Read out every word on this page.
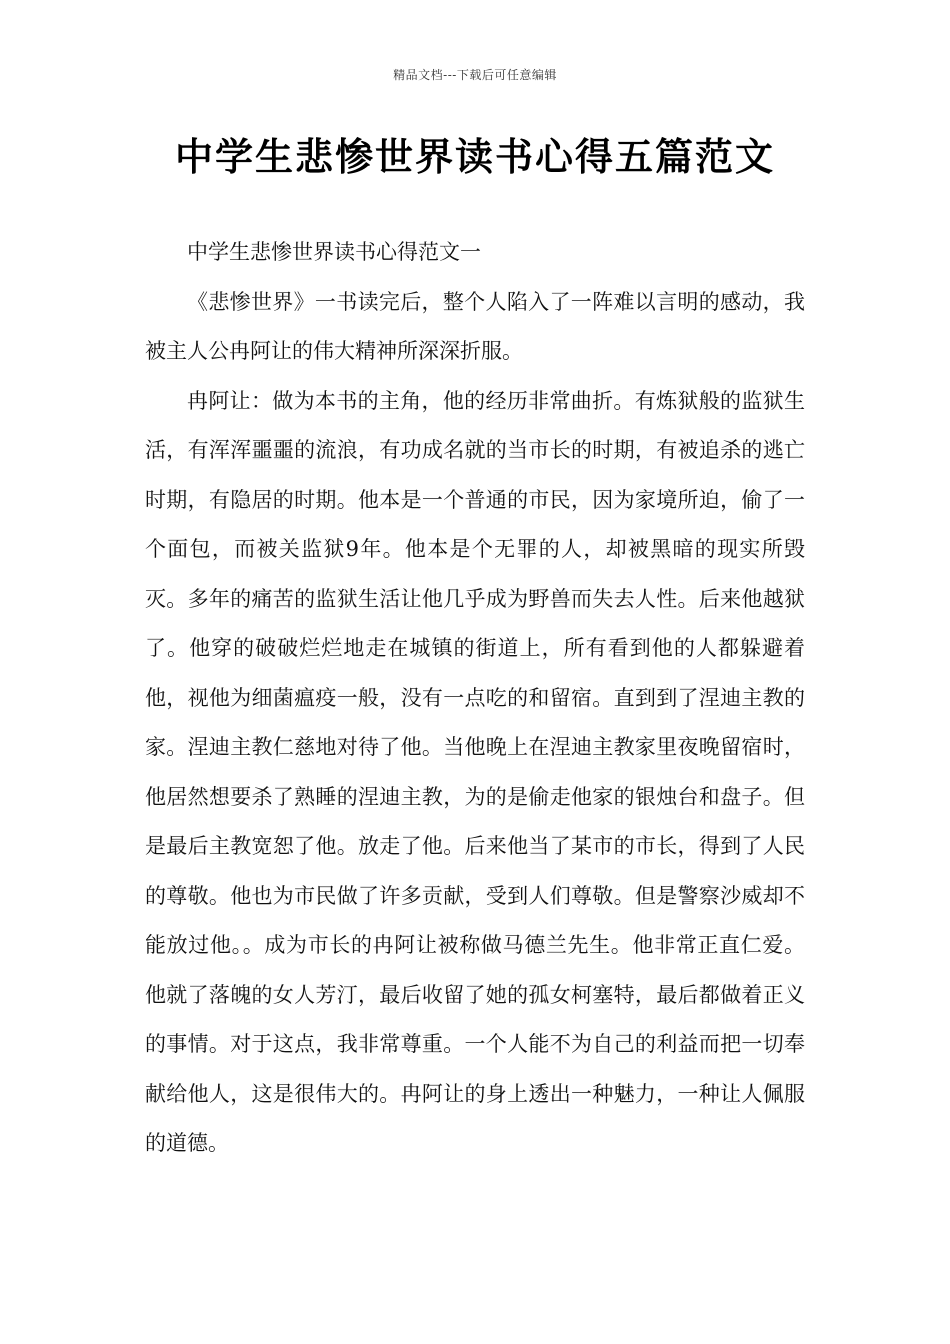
精品文档---下载后可任意编辑
中学生悲惨世界读书心得五篇范文

中学生悲惨世界读书心得范文一

《悲惨世界》一书读完后，整个人陷入了一阵难以言明的感动，我被主人公冉阿让的伟大精神所深深折服。

冉阿让：做为本书的主角，他的经历非常曲折。有炼狱般的监狱生活，有浑浑噩噩的流浪，有功成名就的当市长的时期，有被追杀的逃亡时期，有隐居的时期。他本是一个普通的市民，因为家境所迫，偷了一个面包，而被关监狱9年。他本是个无罪的人，却被黑暗的现实所毁灭。多年的痛苦的监狱生活让他几乎成为野兽而失去人性。后来他越狱了。他穿的破破烂烂地走在城镇的街道上，所有看到他的人都躲避着他，视他为细菌瘟疫一般，没有一点吃的和留宿。直到到了涅迪主教的家。涅迪主教仁慈地对待了他。当他晚上在涅迪主教家里夜晚留宿时，他居然想要杀了熟睡的涅迪主教，为的是偷走他家的银烛台和盘子。但是最后主教宽恕了他。放走了他。后来他当了某市的市长，得到了人民的尊敬。他也为市民做了许多贡献，受到人们尊敬。但是警察沙威却不能放过他。。成为市长的冉阿让被称做马德兰先生。他非常正直仁爱。他就了落魄的女人芳汀，最后收留了她的孤女柯塞特，最后都做着正义的事情。对于这点，我非常尊重。一个人能不为自己的利益而把一切奉献给他人，这是很伟大的。冉阿让的身上透出一种魅力，一种让人佩服的道德。
